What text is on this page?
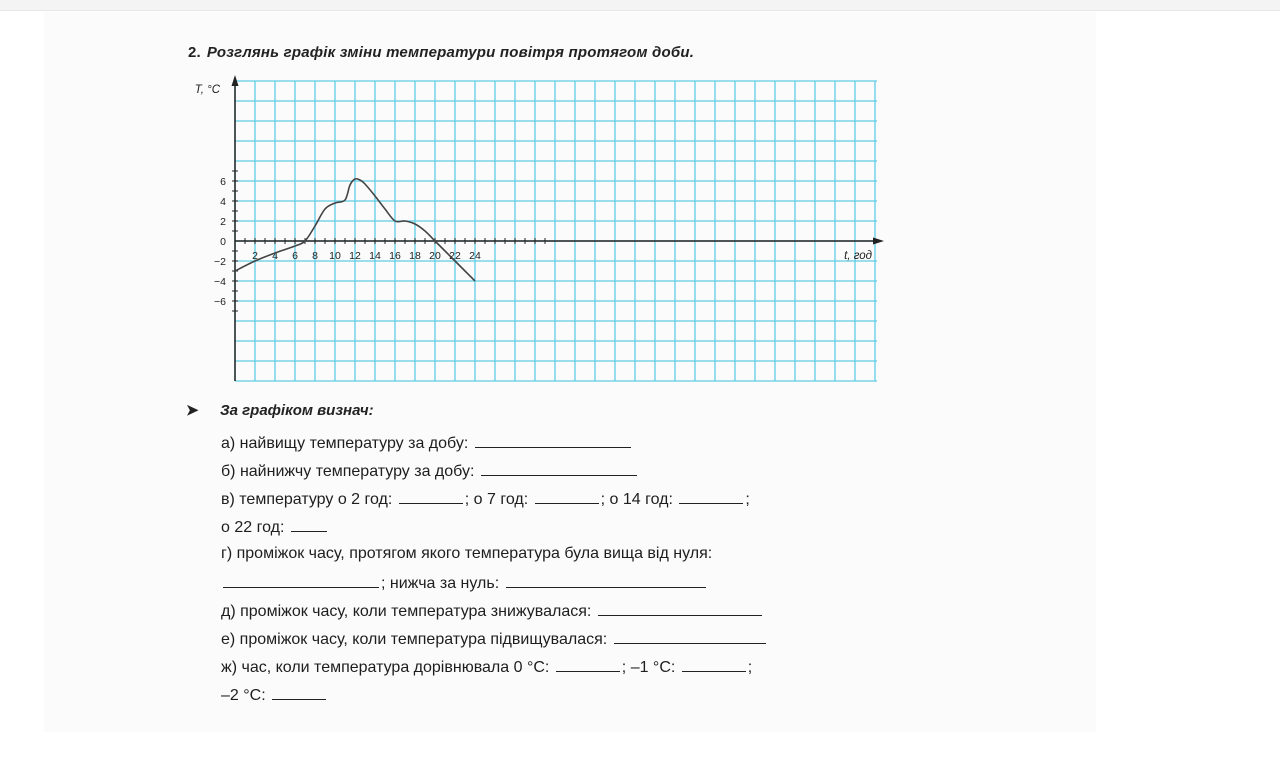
2. Розглянь графік зміни температури повітря протягом доби.
2 4 6 8 10 12 14 16 18 20 22 24
6
4
2
0
−2
−4
−6
T, °C
t, год
➤ За графіком визнач:
а) найвищу температуру за добу:
б) найнижчу температуру за добу:
в) температуру о 2 год:	; о 7 год:	; о 14 год:	;
о 22 год:
г) проміжок часу, протягом якого температура була вища від нуля:
; нижча за нуль:
д) проміжок часу, коли температура знижувалася:
е) проміжок часу, коли температура підвищувалася:
ж) час, коли температура дорівнювала 0 °С:	; –1 °С:	;
–2 °С:
